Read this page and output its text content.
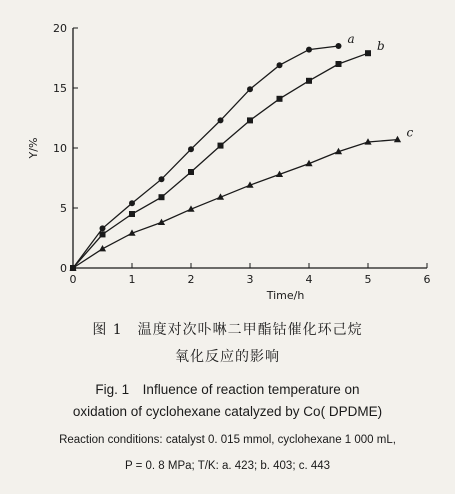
0	1	2	3	4	5	6
0
5
10
15
20
Time/h
Y/%
a
b
c
图 1　温度对次卟啉二甲酯钴催化环己烷
氧化反应的影响
Fig. 1　Influence of reaction temperature on
oxidation of cyclohexane catalyzed by Co( DPDME)
Reaction conditions: catalyst 0. 015 mmol, cyclohexane 1 000 mL,
P = 0. 8 MPa; T/K: a. 423; b. 403; c. 443
